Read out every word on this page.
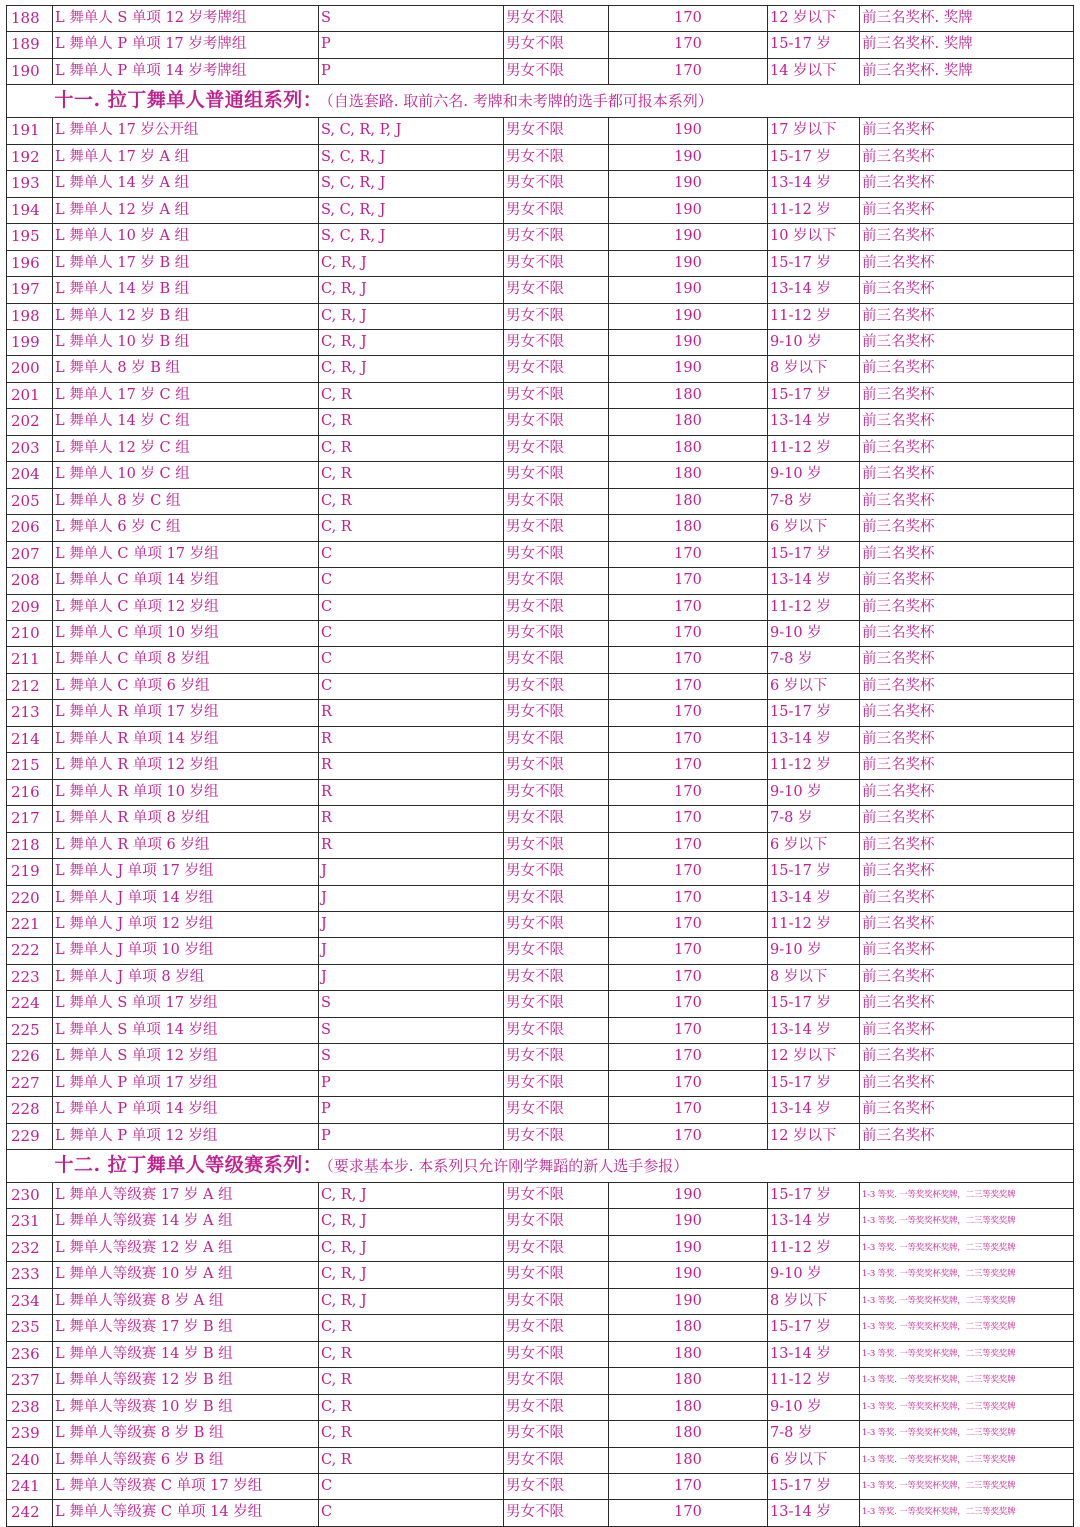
188	L 舞单人 S 单项 12 岁考牌组	S	男女不限	170	12 岁以下	前三名奖杯. 奖牌
189	L 舞单人 P 单项 17 岁考牌组	P	男女不限	170	15-17 岁	前三名奖杯. 奖牌
190	L 舞单人 P 单项 14 岁考牌组	P	男女不限	170	14 岁以下	前三名奖杯. 奖牌
	十一. 拉丁舞单人普通组系列： （自选套路. 取前六名. 考牌和未考牌的选手都可报本系列）					
191	L 舞单人 17 岁公开组	S, C, R, P, J	男女不限	190	17 岁以下	前三名奖杯
192	L 舞单人 17 岁 A 组	S, C, R, J	男女不限	190	15-17 岁	前三名奖杯
193	L 舞单人 14 岁 A 组	S, C, R, J	男女不限	190	13-14 岁	前三名奖杯
194	L 舞单人 12 岁 A 组	S, C, R, J	男女不限	190	11-12 岁	前三名奖杯
195	L 舞单人 10 岁 A 组	S, C, R, J	男女不限	190	10 岁以下	前三名奖杯
196	L 舞单人 17 岁 B 组	C, R, J	男女不限	190	15-17 岁	前三名奖杯
197	L 舞单人 14 岁 B 组	C, R, J	男女不限	190	13-14 岁	前三名奖杯
198	L 舞单人 12 岁 B 组	C, R, J	男女不限	190	11-12 岁	前三名奖杯
199	L 舞单人 10 岁 B 组	C, R, J	男女不限	190	9-10 岁	前三名奖杯
200	L 舞单人 8 岁 B 组	C, R, J	男女不限	190	8 岁以下	前三名奖杯
201	L 舞单人 17 岁 C 组	C, R	男女不限	180	15-17 岁	前三名奖杯
202	L 舞单人 14 岁 C 组	C, R	男女不限	180	13-14 岁	前三名奖杯
203	L 舞单人 12 岁 C 组	C, R	男女不限	180	11-12 岁	前三名奖杯
204	L 舞单人 10 岁 C 组	C, R	男女不限	180	9-10 岁	前三名奖杯
205	L 舞单人 8 岁 C 组	C, R	男女不限	180	7-8 岁	前三名奖杯
206	L 舞单人 6 岁 C 组	C, R	男女不限	180	6 岁以下	前三名奖杯
207	L 舞单人 C 单项 17 岁组	C	男女不限	170	15-17 岁	前三名奖杯
208	L 舞单人 C 单项 14 岁组	C	男女不限	170	13-14 岁	前三名奖杯
209	L 舞单人 C 单项 12 岁组	C	男女不限	170	11-12 岁	前三名奖杯
210	L 舞单人 C 单项 10 岁组	C	男女不限	170	9-10 岁	前三名奖杯
211	L 舞单人 C 单项 8 岁组	C	男女不限	170	7-8 岁	前三名奖杯
212	L 舞单人 C 单项 6 岁组	C	男女不限	170	6 岁以下	前三名奖杯
213	L 舞单人 R 单项 17 岁组	R	男女不限	170	15-17 岁	前三名奖杯
214	L 舞单人 R 单项 14 岁组	R	男女不限	170	13-14 岁	前三名奖杯
215	L 舞单人 R 单项 12 岁组	R	男女不限	170	11-12 岁	前三名奖杯
216	L 舞单人 R 单项 10 岁组	R	男女不限	170	9-10 岁	前三名奖杯
217	L 舞单人 R 单项 8 岁组	R	男女不限	170	7-8 岁	前三名奖杯
218	L 舞单人 R 单项 6 岁组	R	男女不限	170	6 岁以下	前三名奖杯
219	L 舞单人 J 单项 17 岁组	J	男女不限	170	15-17 岁	前三名奖杯
220	L 舞单人 J 单项 14 岁组	J	男女不限	170	13-14 岁	前三名奖杯
221	L 舞单人 J 单项 12 岁组	J	男女不限	170	11-12 岁	前三名奖杯
222	L 舞单人 J 单项 10 岁组	J	男女不限	170	9-10 岁	前三名奖杯
223	L 舞单人 J 单项 8 岁组	J	男女不限	170	8 岁以下	前三名奖杯
224	L 舞单人 S 单项 17 岁组	S	男女不限	170	15-17 岁	前三名奖杯
225	L 舞单人 S 单项 14 岁组	S	男女不限	170	13-14 岁	前三名奖杯
226	L 舞单人 S 单项 12 岁组	S	男女不限	170	12 岁以下	前三名奖杯
227	L 舞单人 P 单项 17 岁组	P	男女不限	170	15-17 岁	前三名奖杯
228	L 舞单人 P 单项 14 岁组	P	男女不限	170	13-14 岁	前三名奖杯
229	L 舞单人 P 单项 12 岁组	P	男女不限	170	12 岁以下	前三名奖杯
	十二. 拉丁舞单人等级赛系列： （要求基本步. 本系列只允许刚学舞蹈的新人选手参报）					
230	L 舞单人等级赛 17 岁 A 组	C, R, J	男女不限	190	15-17 岁	1-3 等奖. 一等奖奖杯奖牌，二三等奖奖牌
231	L 舞单人等级赛 14 岁 A 组	C, R, J	男女不限	190	13-14 岁	1-3 等奖. 一等奖奖杯奖牌，二三等奖奖牌
232	L 舞单人等级赛 12 岁 A 组	C, R, J	男女不限	190	11-12 岁	1-3 等奖. 一等奖奖杯奖牌，二三等奖奖牌
233	L 舞单人等级赛 10 岁 A 组	C, R, J	男女不限	190	9-10 岁	1-3 等奖. 一等奖奖杯奖牌，二三等奖奖牌
234	L 舞单人等级赛 8 岁 A 组	C, R, J	男女不限	190	8 岁以下	1-3 等奖. 一等奖奖杯奖牌，二三等奖奖牌
235	L 舞单人等级赛 17 岁 B 组	C, R	男女不限	180	15-17 岁	1-3 等奖. 一等奖奖杯奖牌，二三等奖奖牌
236	L 舞单人等级赛 14 岁 B 组	C, R	男女不限	180	13-14 岁	1-3 等奖. 一等奖奖杯奖牌，二三等奖奖牌
237	L 舞单人等级赛 12 岁 B 组	C, R	男女不限	180	11-12 岁	1-3 等奖. 一等奖奖杯奖牌，二三等奖奖牌
238	L 舞单人等级赛 10 岁 B 组	C, R	男女不限	180	9-10 岁	1-3 等奖. 一等奖奖杯奖牌，二三等奖奖牌
239	L 舞单人等级赛 8 岁 B 组	C, R	男女不限	180	7-8 岁	1-3 等奖. 一等奖奖杯奖牌，二三等奖奖牌
240	L 舞单人等级赛 6 岁 B 组	C, R	男女不限	180	6 岁以下	1-3 等奖. 一等奖奖杯奖牌，二三等奖奖牌
241	L 舞单人等级赛 C 单项 17 岁组	C	男女不限	170	15-17 岁	1-3 等奖. 一等奖奖杯奖牌，二三等奖奖牌
242	L 舞单人等级赛 C 单项 14 岁组	C	男女不限	170	13-14 岁	1-3 等奖. 一等奖奖杯奖牌，二三等奖奖牌
